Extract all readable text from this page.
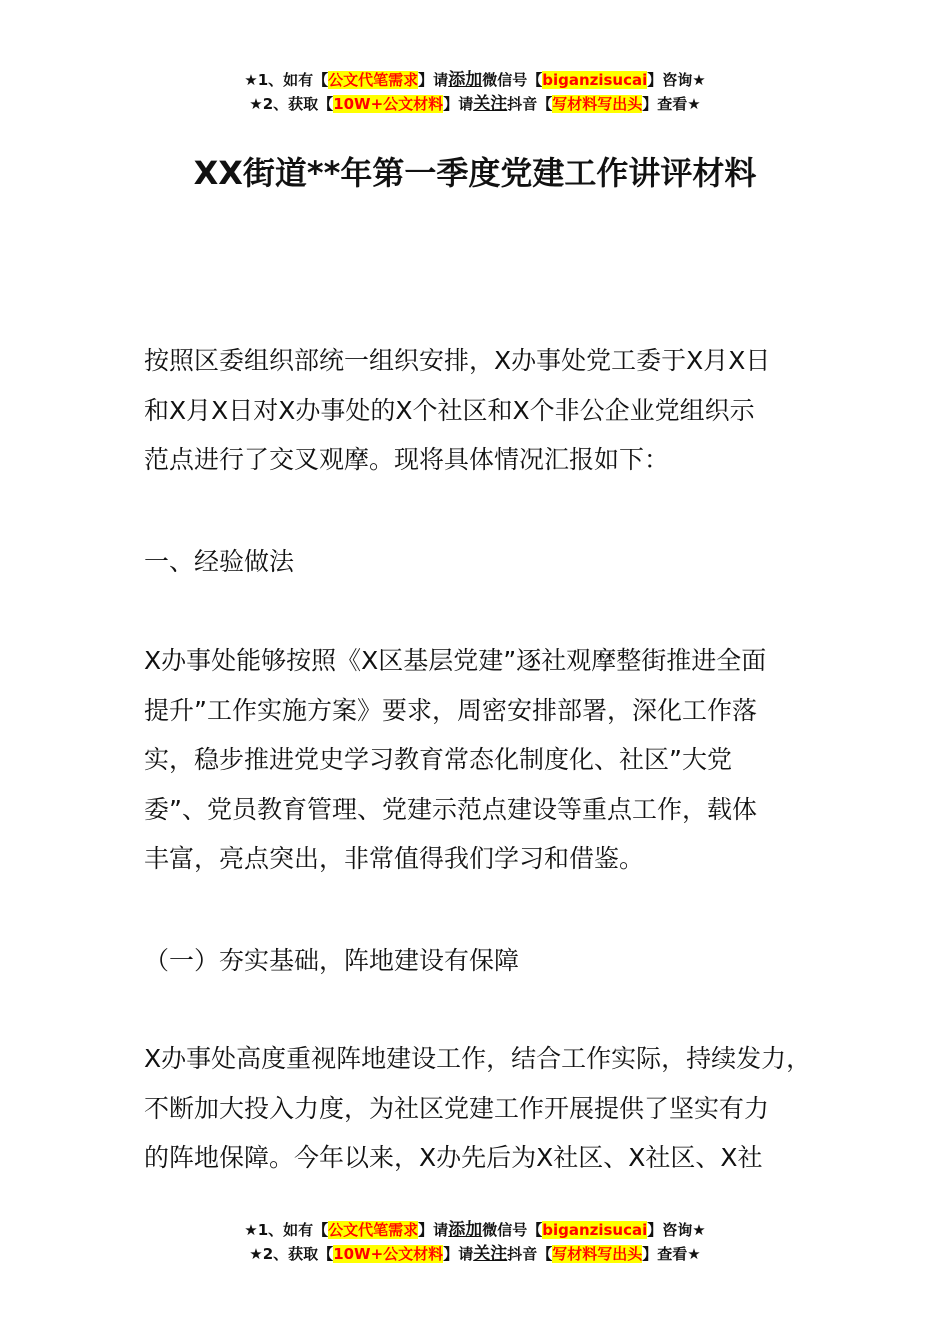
★1、如有【公文代笔需求】请添加微信号【biganzisucai】咨询★
★2、获取【10W+公文材料】请关注抖音【写材料写出头】查看★
XX街道**年第一季度党建工作讲评材料
按照区委组织部统一组织安排，X办事处党工委于X月X日
和X月X日对X办事处的X个社区和X个非公企业党组织示
范点进行了交叉观摩。现将具体情况汇报如下：
一、经验做法
X办事处能够按照《X区基层党建”逐社观摩整街推进全面
提升”工作实施方案》要求，周密安排部署，深化工作落
实，稳步推进党史学习教育常态化制度化、社区”大党
委”、党员教育管理、党建示范点建设等重点工作，载体
丰富，亮点突出，非常值得我们学习和借鉴。
（一）夯实基础，阵地建设有保障
X办事处高度重视阵地建设工作，结合工作实际，持续发力，
不断加大投入力度，为社区党建工作开展提供了坚实有力
的阵地保障。今年以来，X办先后为X社区、X社区、X社
★1、如有【公文代笔需求】请添加微信号【biganzisucai】咨询★
★2、获取【10W+公文材料】请关注抖音【写材料写出头】查看★
